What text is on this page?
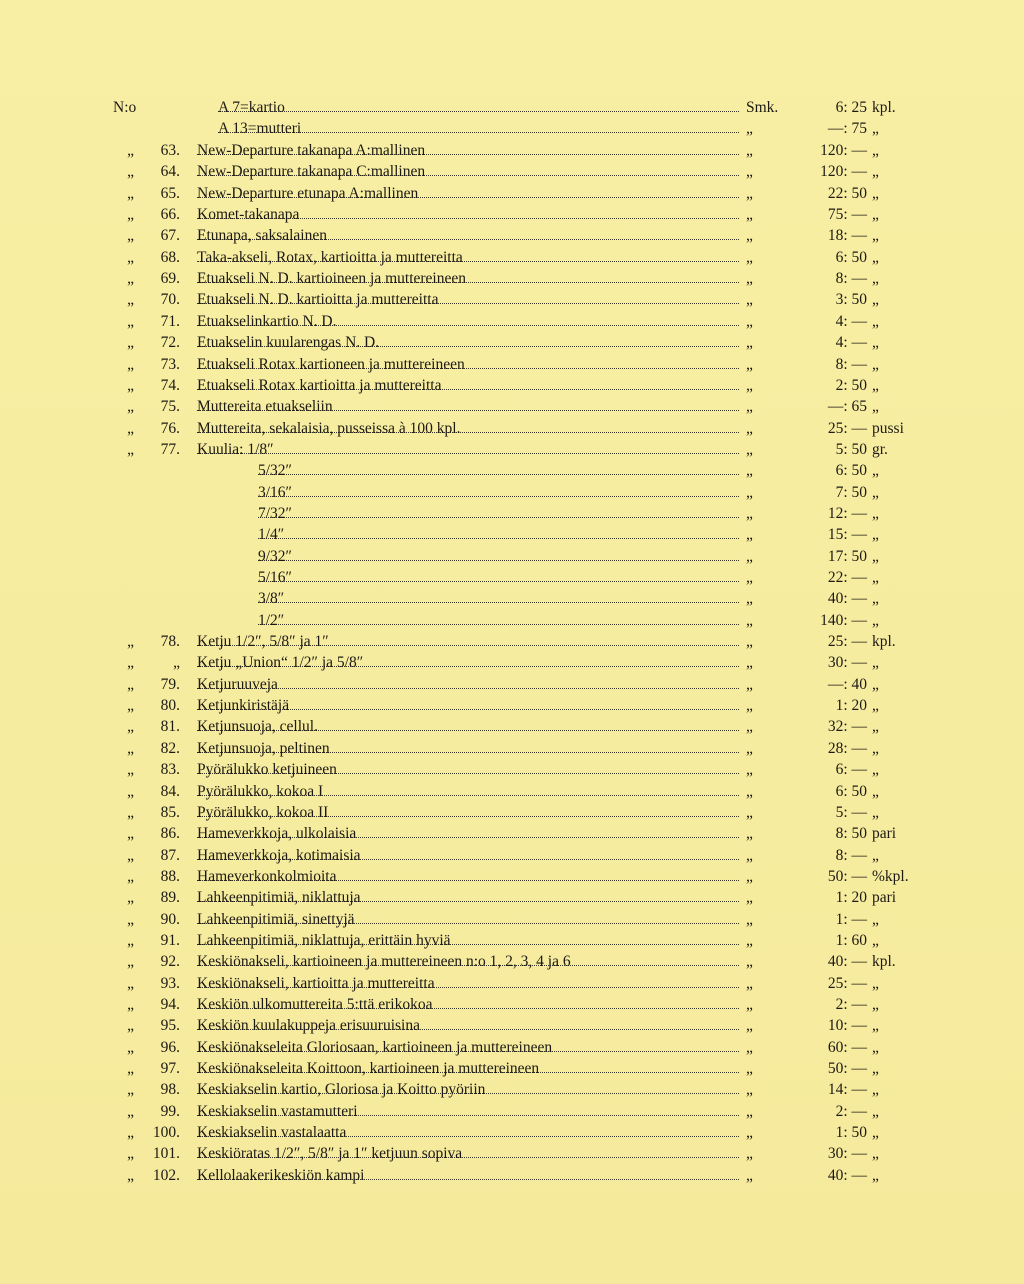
N:o	A 7=kartio	Smk.	6: 25 kpl.
A 13=mutteri	„	—: 75 „
„	63. New-Departure takanapa A:mallinen	„	120: — „
„	64. New-Departure takanapa C:mallinen	„	120: — „
„	65. New-Departure etunapa A:mallinen	„	22: 50 „
„	66. Komet-takanapa	„	75: — „
„	67. Etunapa, saksalainen	„	18: — „
„	68. Taka-akseli, Rotax, kartioitta ja muttereitta	„	6: 50 „
„	69. Etuakseli N. D. kartioineen ja muttereineen	„	8: — „
„	70. Etuakseli N. D. kartioitta ja muttereitta	„	3: 50 „
„	71. Etuakselinkartio N. D.	„	4: — „
„	72. Etuakselin kuularengas N. D.	„	4: — „
„	73. Etuakseli Rotax kartioneen ja muttereineen	„	8: — „
„	74. Etuakseli Rotax kartioitta ja muttereitta	„	2: 50 „
„	75. Muttereita etuakseliin	„	—: 65 „
„	76. Muttereita, sekalaisia, pusseissa à 100 kpl.	„	25: — pussi
„	77. Kuulia: 1/8″	„	5: 50 gr.
5/32″	„	6: 50 „
3/16″	„	7: 50 „
7/32″	„	12: — „
1/4″	„	15: — „
9/32″	„	17: 50 „
5/16″	„	22: — „
3/8″	„	40: — „
1/2″	„	140: — „
„	78. Ketju 1/2″, 5/8″ ja 1″	„	25: — kpl.
„	„ Ketju „Union“ 1/2″ ja 5/8″	„	30: — „
„	79. Ketjuruuveja	„	—: 40 „
„	80. Ketjunkiristäjä	„	1: 20 „
„	81. Ketjunsuoja, cellul.	„	32: — „
„	82. Ketjunsuoja, peltinen	„	28: — „
„	83. Pyörälukko ketjuineen	„	6: — „
„	84. Pyörälukko, kokoa I	„	6: 50 „
„	85. Pyörälukko, kokoa II	„	5: — „
„	86. Hameverkkoja, ulkolaisia	„	8: 50 pari
„	87. Hameverkkoja, kotimaisia	„	8: — „
„	88. Hameverkonkolmioita	„	50: — %kpl.
„	89. Lahkeenpitimiä, niklattuja	„	1: 20 pari
„	90. Lahkeenpitimiä, sinettyjä	„	1: — „
„	91. Lahkeenpitimiä, niklattuja, erittäin hyviä	„	1: 60 „
„	92. Keskiönakseli, kartioineen ja muttereineen n:o 1, 2, 3, 4 ja 6	„	40: — kpl.
„	93. Keskiönakseli, kartioitta ja muttereitta	„	25: — „
„	94. Keskiön ulkomuttereita 5:ttä erikokoa	„	2: — „
„	95. Keskiön kuulakuppeja erisuuruisina	„	10: — „
„	96. Keskiönakseleita Gloriosaan, kartioineen ja muttereineen	„	60: — „
„	97. Keskiönakseleita Koittoon, kartioineen ja muttereineen	„	50: — „
„	98. Keskiakselin kartio, Gloriosa ja Koitto pyöriin	„	14: — „
„	99. Keskiakselin vastamutteri	„	2: — „
„	100. Keskiakselin vastalaatta	„	1: 50 „
„	101. Keskiöratas 1/2″, 5/8″ ja 1″ ketjuun sopiva	„	30: — „
„	102. Kellolaakerikeskiön kampi	„	40: — „
